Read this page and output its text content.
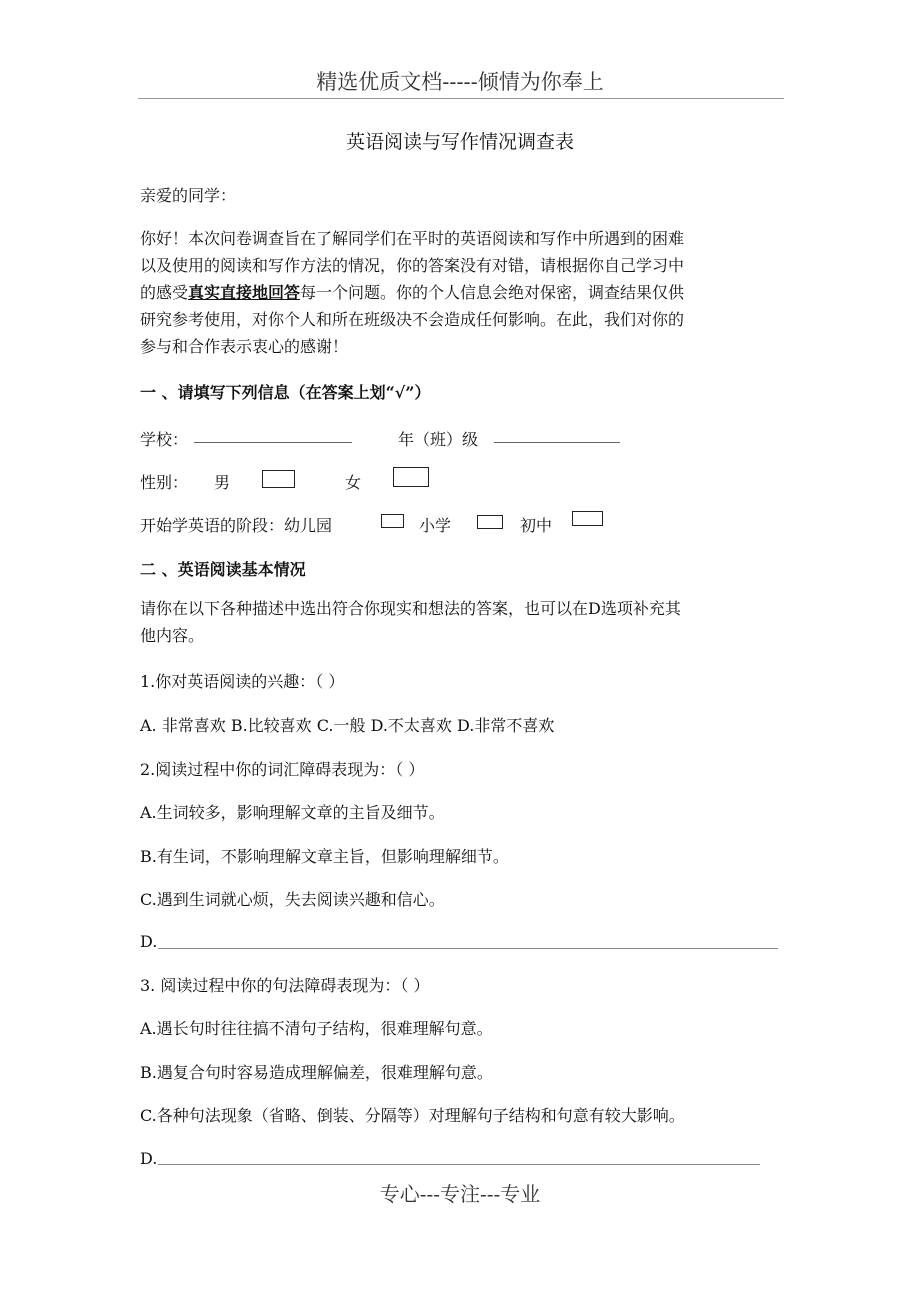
精选优质文档-----倾情为你奉上
英语阅读与写作情况调查表
亲爱的同学：

你好！本次问卷调查旨在了解同学们在平时的英语阅读和写作中所遇到的困难

以及使用的阅读和写作方法的情况，你的答案没有对错，请根据你自己学习中

的感受真实直接地回答每一个问题。你的个人信息会绝对保密，调查结果仅供

研究参考使用，对你个人和所在班级决不会造成任何影响。在此，我们对你的

参与和合作表示衷心的感谢！

一 、请填写下列信息（在答案上划“√”）
学校：	年（班）级
性别： 男	女
开始学英语的阶段：幼儿园	小学	初中
二 、英语阅读基本情况

请你在以下各种描述中选出符合你现实和想法的答案，也可以在D选项补充其

他内容。

1.你对英语阅读的兴趣：（ ）
A. 非常喜欢 B.比较喜欢 C.一般 D.不太喜欢 D.非常不喜欢
2.阅读过程中你的词汇障碍表现为：（ ）
A.生词较多，影响理解文章的主旨及细节。
B.有生词，不影响理解文章主旨，但影响理解细节。
C.遇到生词就心烦，失去阅读兴趣和信心。
D.
3. 阅读过程中你的句法障碍表现为：（ ）
A.遇长句时往往搞不清句子结构，很难理解句意。
B.遇复合句时容易造成理解偏差，很难理解句意。
C.各种句法现象（省略、倒装、分隔等）对理解句子结构和句意有较大影响。
D.
专心---专注---专业
